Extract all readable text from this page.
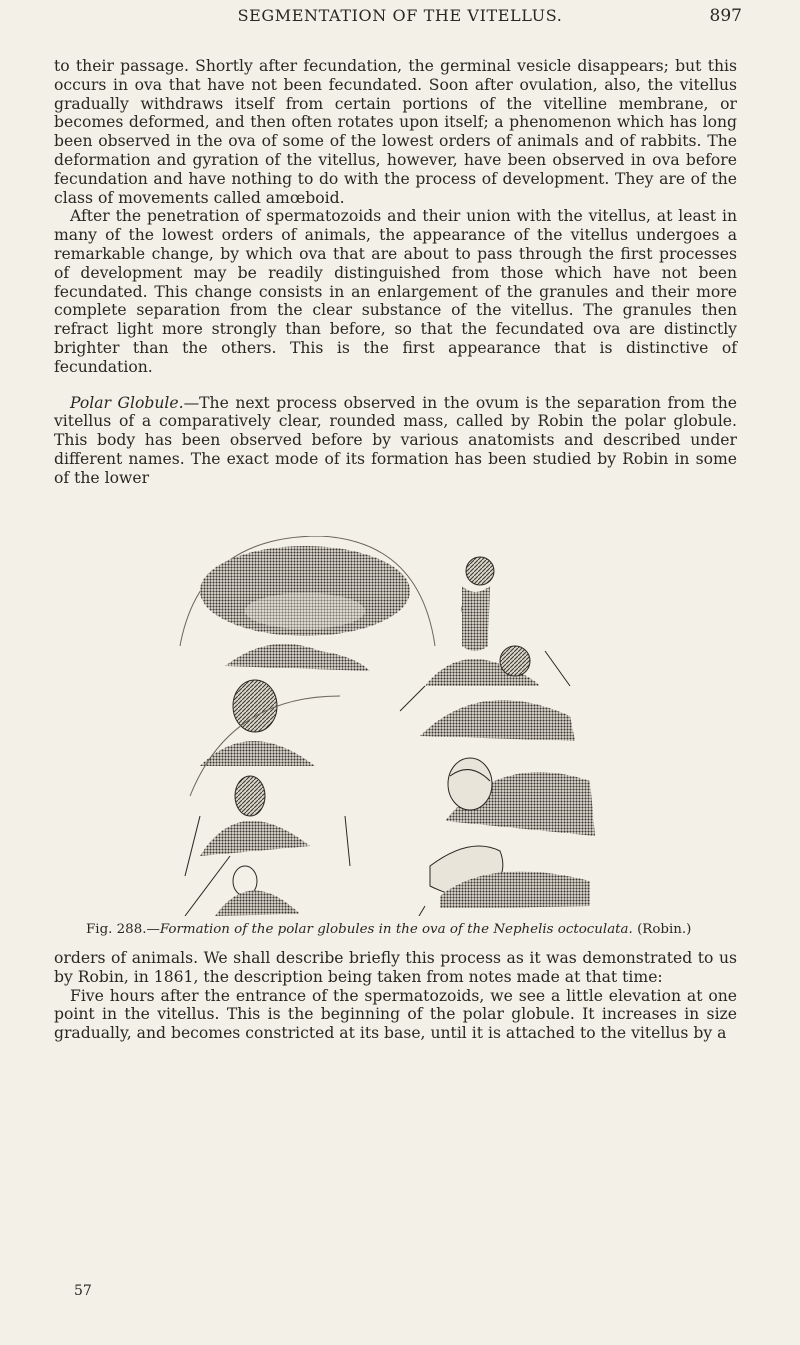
SEGMENTATION OF THE VITELLUS.	897

to their passage. Shortly after fecundation, the germinal vesicle disappears; but this occurs in ova that have not been fecundated. Soon after ovulation, also, the vitellus gradually withdraws itself from certain portions of the vitelline membrane, or becomes deformed, and then often rotates upon itself; a phenomenon which has long been observed in the ova of some of the lowest orders of animals and of rabbits. The deformation and gyration of the vitellus, however, have been observed in ova before fecundation and have nothing to do with the process of development. They are of the class of movements called amœboid.

After the penetration of spermatozoids and their union with the vitellus, at least in many of the lowest orders of animals, the appearance of the vitellus undergoes a remarkable change, by which ova that are about to pass through the first processes of development may be readily distinguished from those which have not been fecundated. This change consists in an enlargement of the granules and their more complete separation from the clear substance of the vitellus. The granules then refract light more strongly than before, so that the fecundated ova are distinctly brighter than the others. This is the first appearance that is distinctive of fecundation.

Polar Globule.—The next process observed in the ovum is the separation from the vitellus of a comparatively clear, rounded mass, called by Robin the polar globule. This body has been observed before by various anatomists and described under different names. The exact mode of its formation has been studied by Robin in some of the lower

Fig. 288.—Formation of the polar globules in the ova of the Nephelis octoculata. (Robin.)

orders of animals. We shall describe briefly this process as it was demonstrated to us by Robin, in 1861, the description being taken from notes made at that time:

Five hours after the entrance of the spermatozoids, we see a little elevation at one point in the vitellus. This is the beginning of the polar globule. It increases in size gradually, and becomes constricted at its base, until it is attached to the vitellus by a

57
